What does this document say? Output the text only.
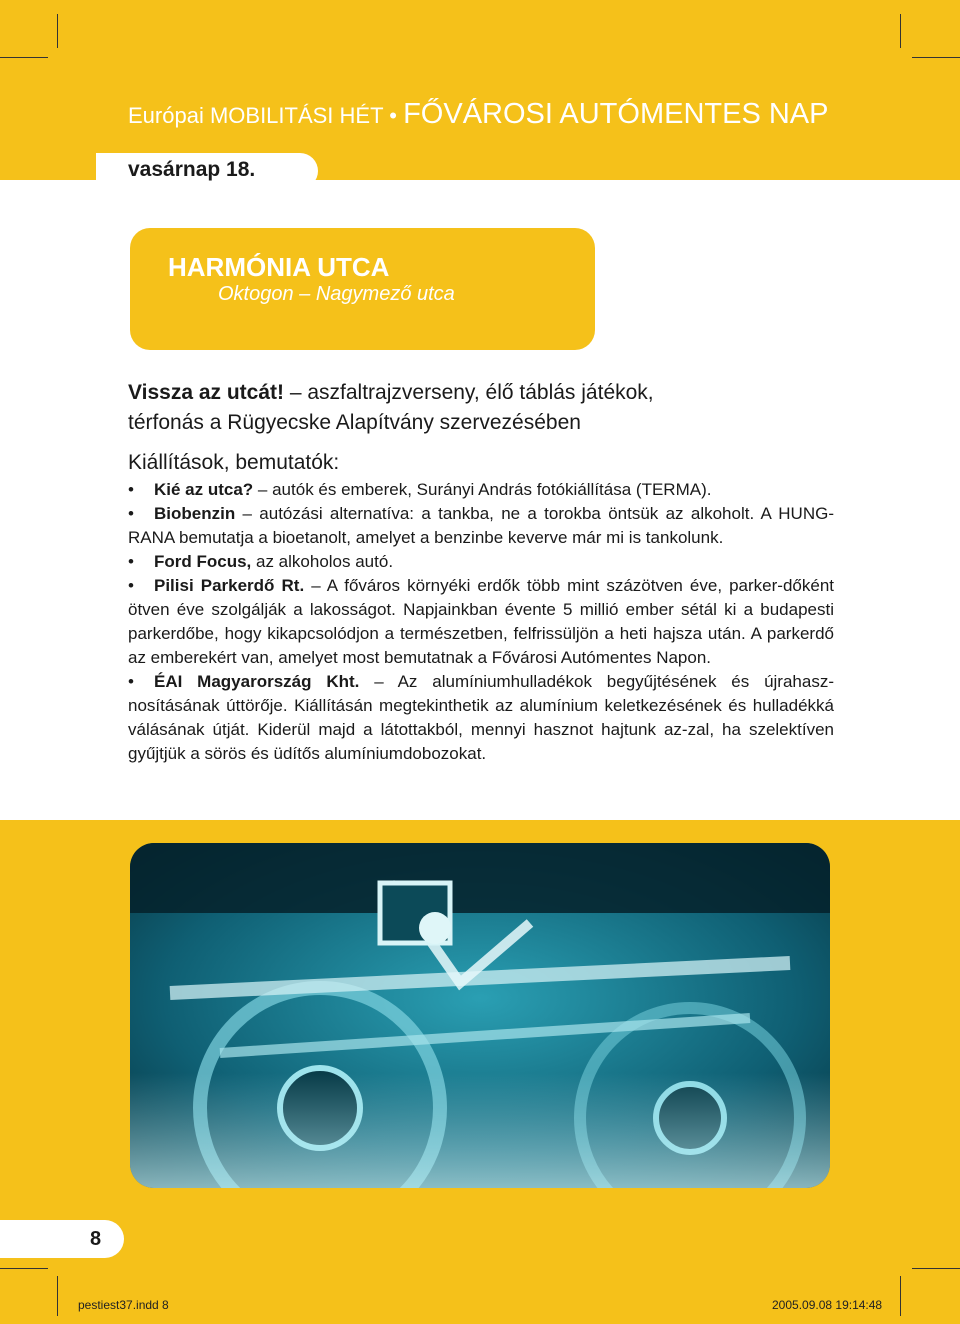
Európai MOBILITÁSI HÉT • FŐVÁROSI AUTÓMENTES NAP
vasárnap 18.
HARMÓNIA UTCA
Oktogon – Nagymező utca

Vissza az utcát! – aszfaltrajzverseny, élő táblás játékok,
térfonás a Rügyecske Alapítvány szervezésében

Kiállítások, bemutatók:

• Kié az utca? – autók és emberek, Surányi András fotókiállítása (TERMA).

• Biobenzin – autózási alternatíva: a tankba, ne a torokba öntsük az alkoholt. A HUNG-RANA bemutatja a bioetanolt, amelyet a benzinbe keverve már mi is tankolunk.

• Ford Focus, az alkoholos autó.

• Pilisi Parkerdő Rt. – A főváros környéki erdők több mint százötven éve, parker-dőként ötven éve szolgálják a lakosságot. Napjainkban évente 5 millió ember sétál ki a budapesti parkerdőbe, hogy kikapcsolódjon a természetben, felfrissüljön a heti hajsza után. A parkerdő az emberekért van, amelyet most bemutatnak a Fővárosi Autómentes Napon.

• ÉAI Magyarország Kht. – Az alumíniumhulladékok begyűjtésének és újrahasz-nosításának úttörője. Kiállításán megtekinthetik az alumínium keletkezésének és hulladékká válásának útját. Kiderül majd a látottakból, mennyi hasznot hajtunk az-zal, ha szelektíven gyűjtjük a sörös és üdítős alumíniumdobozokat.

8
pestiest37.indd 8	2005.09.08 19:14:48
